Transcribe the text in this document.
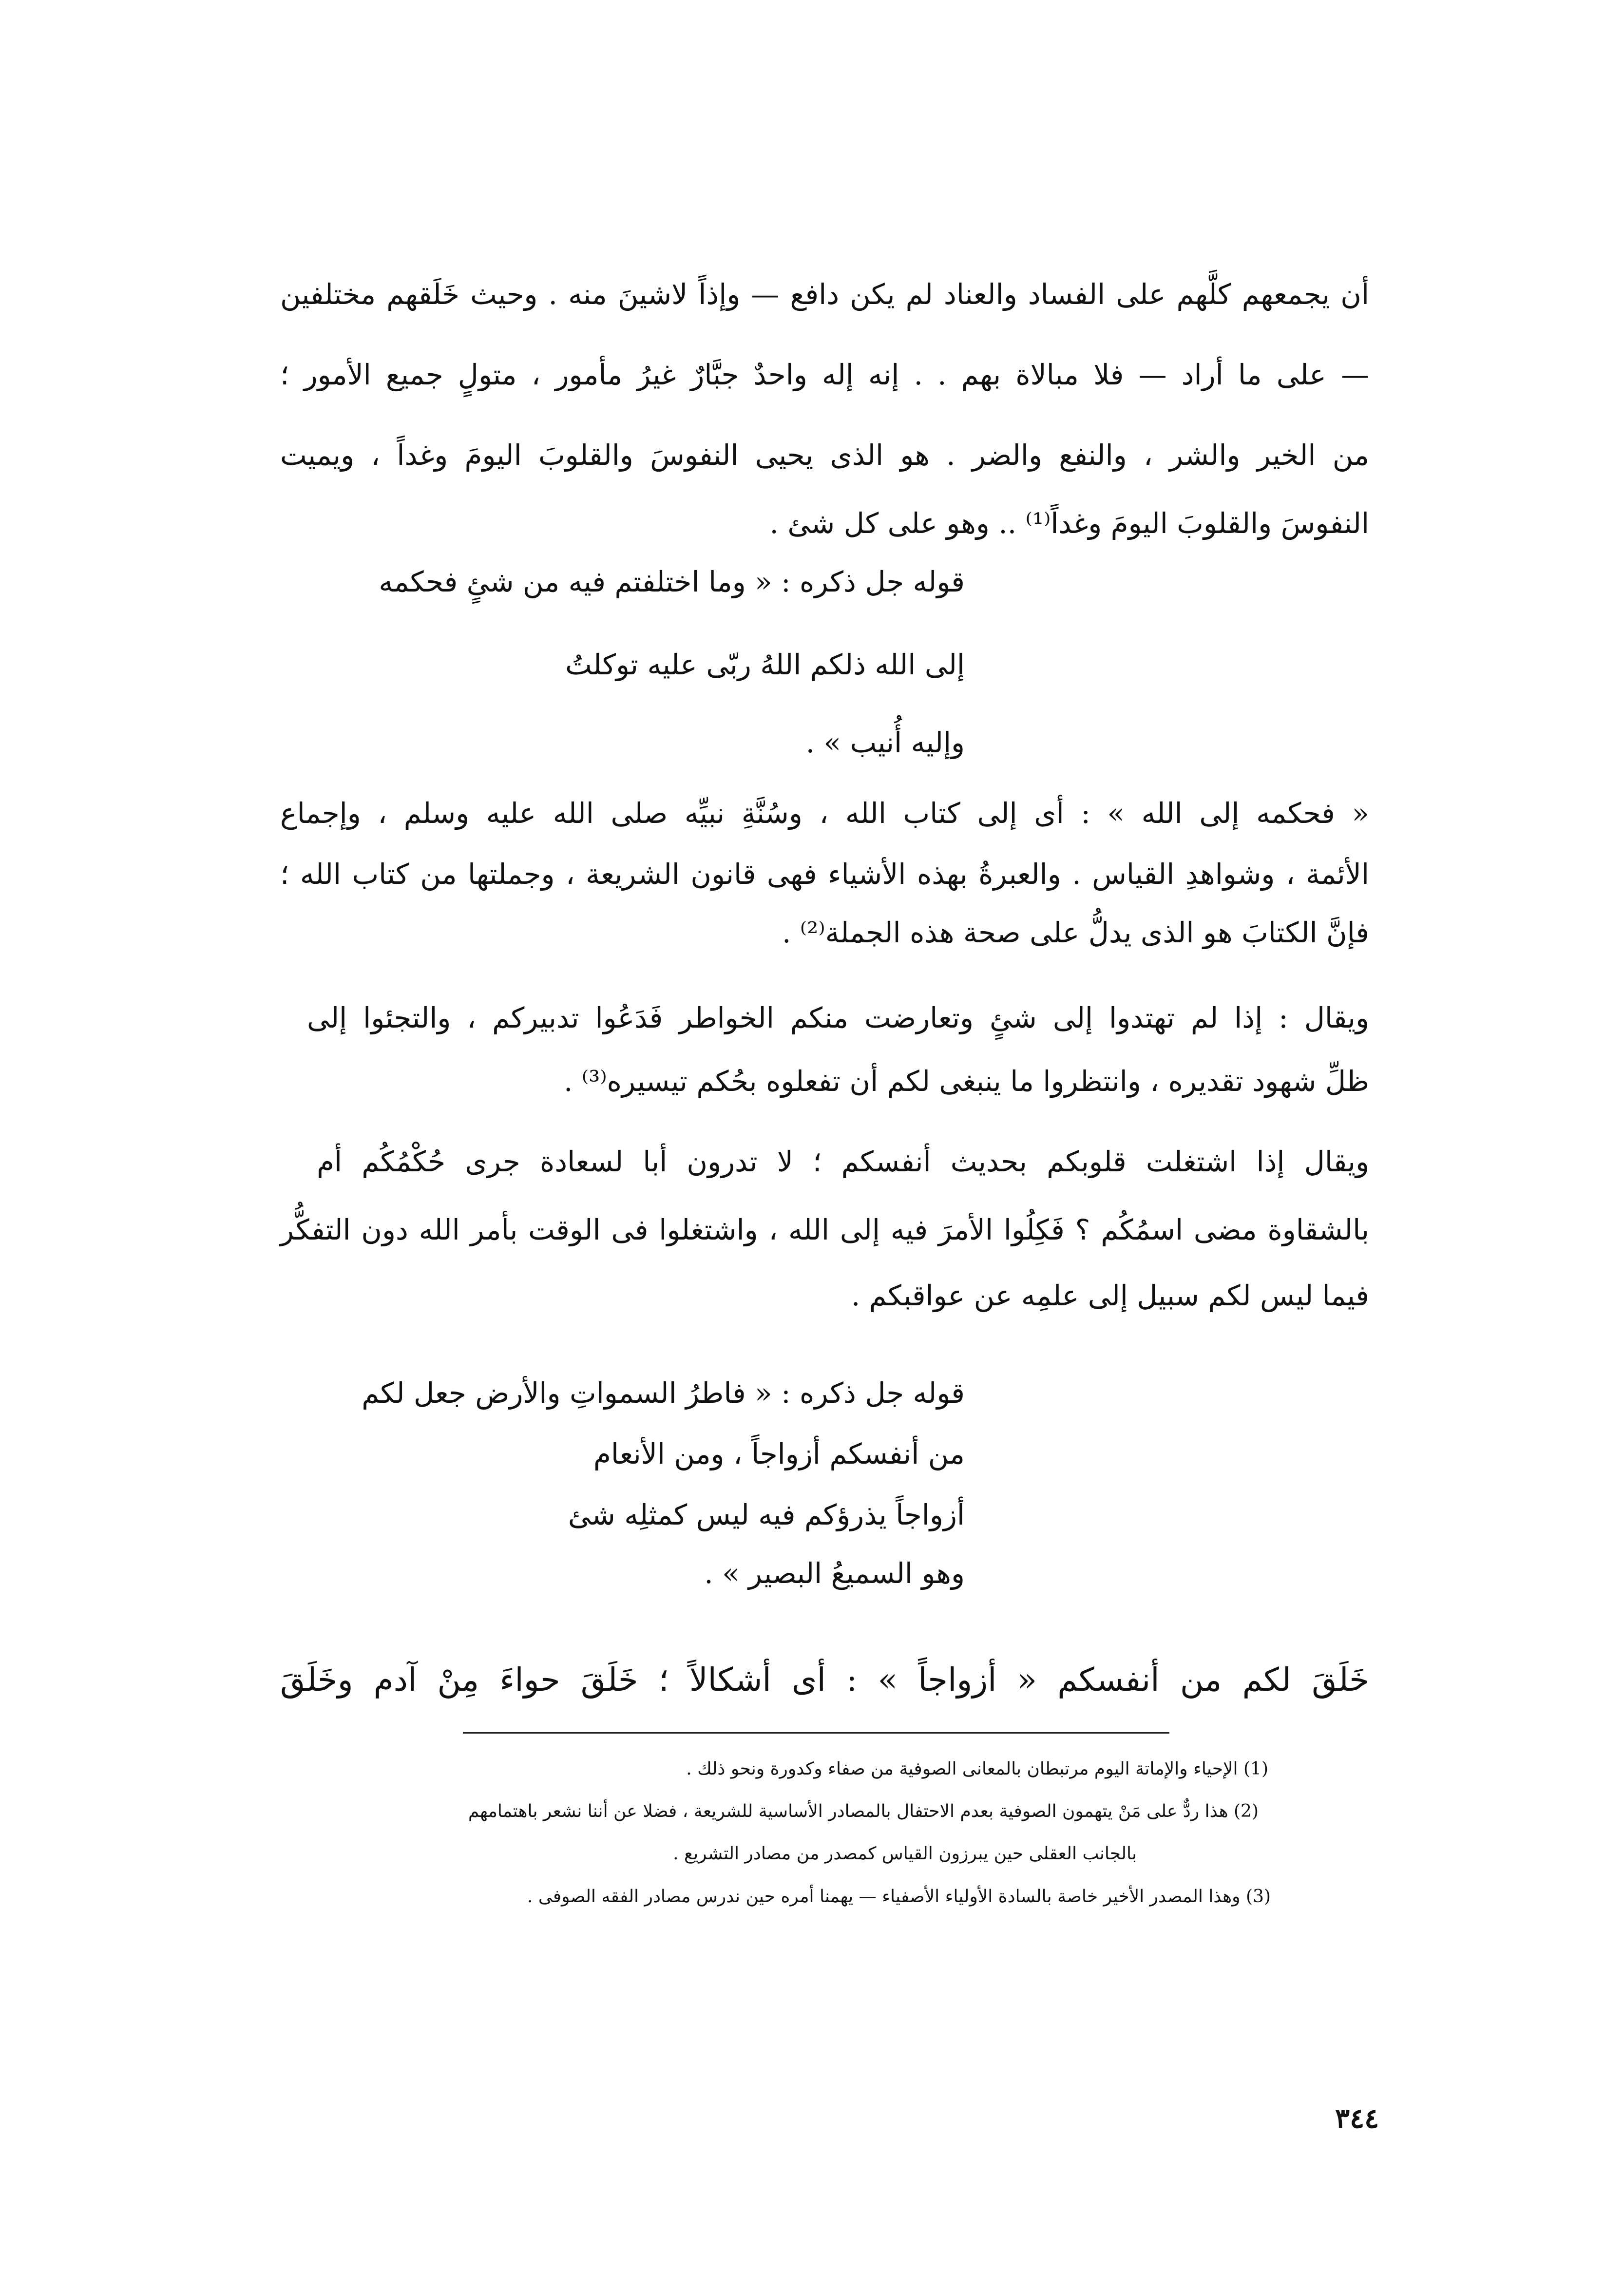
أن يجمعهم كلَّهم على الفساد والعناد لم يكن دافع — وإذاً لاشينَ منه . وحيث خَلَقهم مختلفين
— على ما أراد — فلا مبالاة بهم . . إنه إله واحدٌ جبَّارٌ غيرُ مأمور ، متولٍ جميع الأمور ؛
من الخير والشر ، والنفع والضر . هو الذى يحيى النفوسَ والقلوبَ اليومَ وغداً ، ويميت
النفوسَ والقلوبَ اليومَ وغداً⁽¹⁾ .. وهو على كل شئ .
قوله جل ذكره : « وما اختلفتم فيه من شئٍ فحكمه
إلى الله ذلكم اللهُ ربّى عليه توكلتُ
وإليه أُنيب » .
« فحكمه إلى الله » : أى إلى كتاب الله ، وسُنَّةِ نبيِّه صلى الله عليه وسلم ، وإجماع
الأئمة ، وشواهدِ القياس . والعبرةُ بهذه الأشياء فهى قانون الشريعة ، وجملتها من كتاب الله ؛
فإنَّ الكتابَ هو الذى يدلُّ على صحة هذه الجملة⁽²⁾ .
ويقال : إذا لم تهتدوا إلى شئٍ وتعارضت منكم الخواطر فَدَعُوا تدبيركم ، والتجئوا إلى
ظلِّ شهود تقديره ، وانتظروا ما ينبغى لكم أن تفعلوه بحُكم تيسيره⁽³⁾ .
ويقال إذا اشتغلت قلوبكم بحديث أنفسكم ؛ لا تدرون أبا لسعادة جرى حُكْمُكُم أم
بالشقاوة مضى اسمُكُم ؟ فَكِلُوا الأمرَ فيه إلى الله ، واشتغلوا فى الوقت بأمر الله دون التفكُّر
فيما ليس لكم سبيل إلى علمِه عن عواقبكم .
قوله جل ذكره : « فاطرُ السمواتِ والأرض جعل لكم
من أنفسكم أزواجاً ، ومن الأنعام
أزواجاً يذرؤكم فيه ليس كمثلِه شئ
وهو السميعُ البصير » .
خَلَقَ لكم من أنفسكم « أزواجاً » : أى أشكالاً ؛ خَلَقَ حواءَ مِنْ آدم وخَلَقَ
(1) الإحياء والإماتة اليوم مرتبطان بالمعانى الصوفية من صفاء وكدورة ونحو ذلك .
(2) هذا ردٌّ على مَنْ يتهمون الصوفية بعدم الاحتفال بالمصادر الأساسية للشريعة ، فضلا عن أننا نشعر باهتمامهم
بالجانب العقلى حين يبرزون القياس كمصدر من مصادر التشريع .
(3) وهذا المصدر الأخير خاصة بالسادة الأولياء الأصفياء — يهمنا أمره حين ندرس مصادر الفقه الصوفى .
٣٤٤
